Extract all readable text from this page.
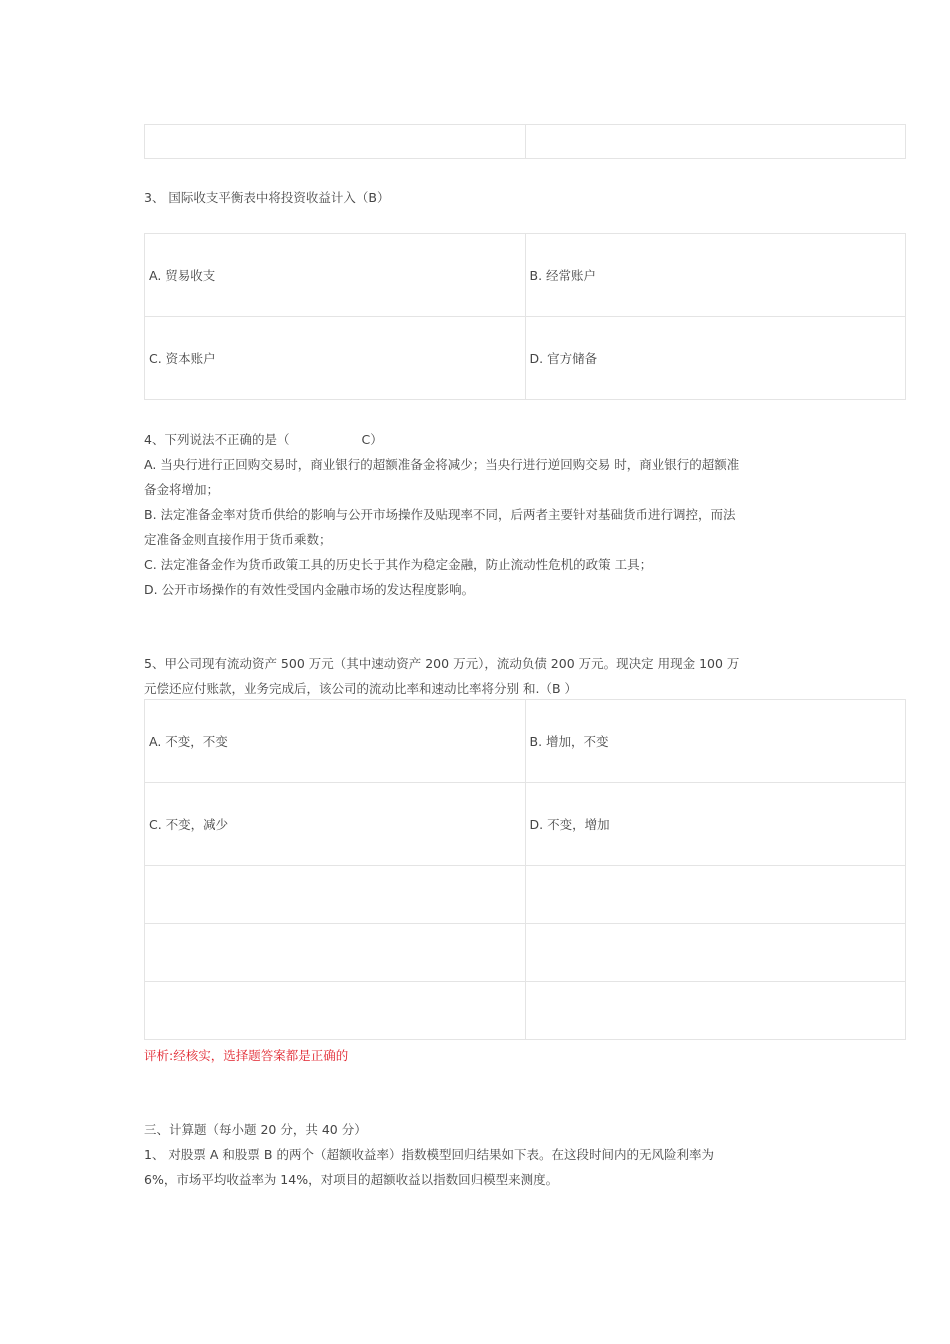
3、 国际收支平衡表中将投资收益计入（B）
A. 贸易收支	B. 经常账户
C. 资本账户	D. 官方储备
4、下列说法不正确的是（	C）
A. 当央行进行正回购交易时，商业银行的超额准备金将减少；当央行进行逆回购交易 时，商业银行的超额准
备金将增加；
B. 法定准备金率对货币供给的影响与公开市场操作及贴现率不同，后两者主要针对基础货币进行调控，而法
定准备金则直接作用于货币乘数；
C. 法定准备金作为货币政策工具的历史长于其作为稳定金融，防止流动性危机的政策 工具；
D. 公开市场操作的有效性受国内金融市场的发达程度影响。
5、甲公司现有流动资产 500 万元（其中速动资产 200 万元），流动负债 200 万元。现决定 用现金 100 万
元偿还应付账款，业务完成后，该公司的流动比率和速动比率将分别 和.（B ）
A. 不变，不变	B. 增加，不变
C. 不变，减少	D. 不变，增加

评析:经核实，选择题答案都是正确的
三、计算题（每小题 20 分，共 40 分）
1、 对股票 A 和股票 B 的两个（超额收益率）指数模型回归结果如下表。在这段时间内的无风险利率为
6%，市场平均收益率为 14%，对项目的超额收益以指数回归模型来测度。
